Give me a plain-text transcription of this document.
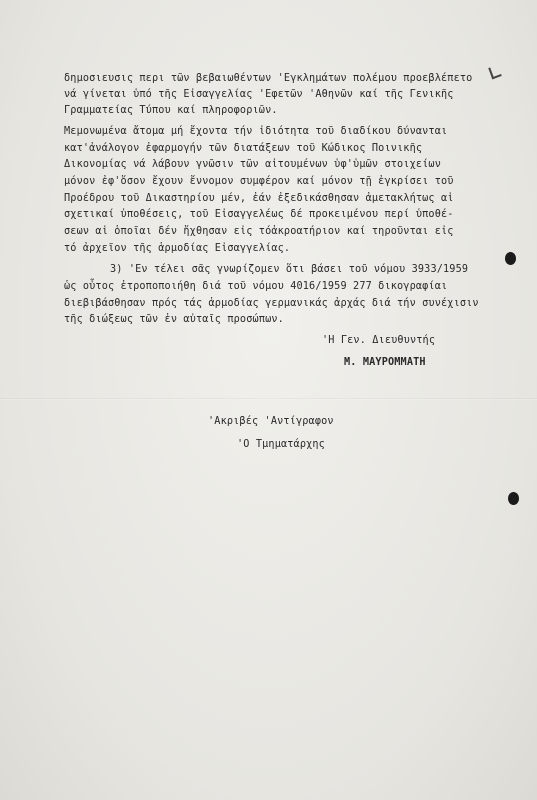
δημοσιευσις περι τῶν βεβαιωθέντων 'Εγκλημάτων πολέμου προεβλέπετο
νά γίνεται ὑπό τῆς Εἰσαγγελίας 'Εφετῶν 'Αθηνῶν καί τῆς Γενικῆς
Γραμματείας Τύπου καί πληροφοριῶν.
Μεμονωμένα ἄτομα μή ἔχοντα τήν ἰδιότητα τοῦ διαδίκου δύνανται
κατ'ἀνάλογον ἐφαρμογήν τῶν διατάξεων τοῦ Κώδικος Ποινικῆς
Δικονομίας νά λάβουν γνῶσιν τῶν αἰτουμένων ὑφ'ὑμῶν στοιχείων
μόνον ἐφ'ὅσον ἔχουν ἔννομον συμφέρον καί μόνον τῇ ἐγκρίσει τοῦ
Προέδρου τοῦ Δικαστηρίου μέν, ἐάν ἐξεδικάσθησαν ἀμετακλήτως αἱ
σχετικαί ὑποθέσεις, τοῦ Εἰσαγγελέως δέ προκειμένου περί ὑποθέ-
σεων αἱ ὁποῖαι δέν ἤχθησαν εἰς τόἀκροατήριον καί τηροῦνται εἰς
τό ἀρχεῖον τῆς ἁρμοδίας Εἰσαγγελίας.
3) 'Εν τέλει σᾶς γνωρίζομεν ὅτι βάσει τοῦ νόμου 3933/1959
ὡς οὗτος ἐτροποποιήθη διά τοῦ νόμου 4016/1959 277 δικογραφίαι
διεβιβάσθησαν πρός τάς ἁρμοδίας γερμανικάς ἀρχάς διά τήν συνέχισιν
τῆς διώξεως τῶν ἐν αὐταῖς προσώπων.
'Η Γεν. Διευθυντής
Μ. ΜΑΥΡΟΜΜΑΤΗ
'Ακριβές 'Αντίγραφον
'Ο Τμηματάρχης
